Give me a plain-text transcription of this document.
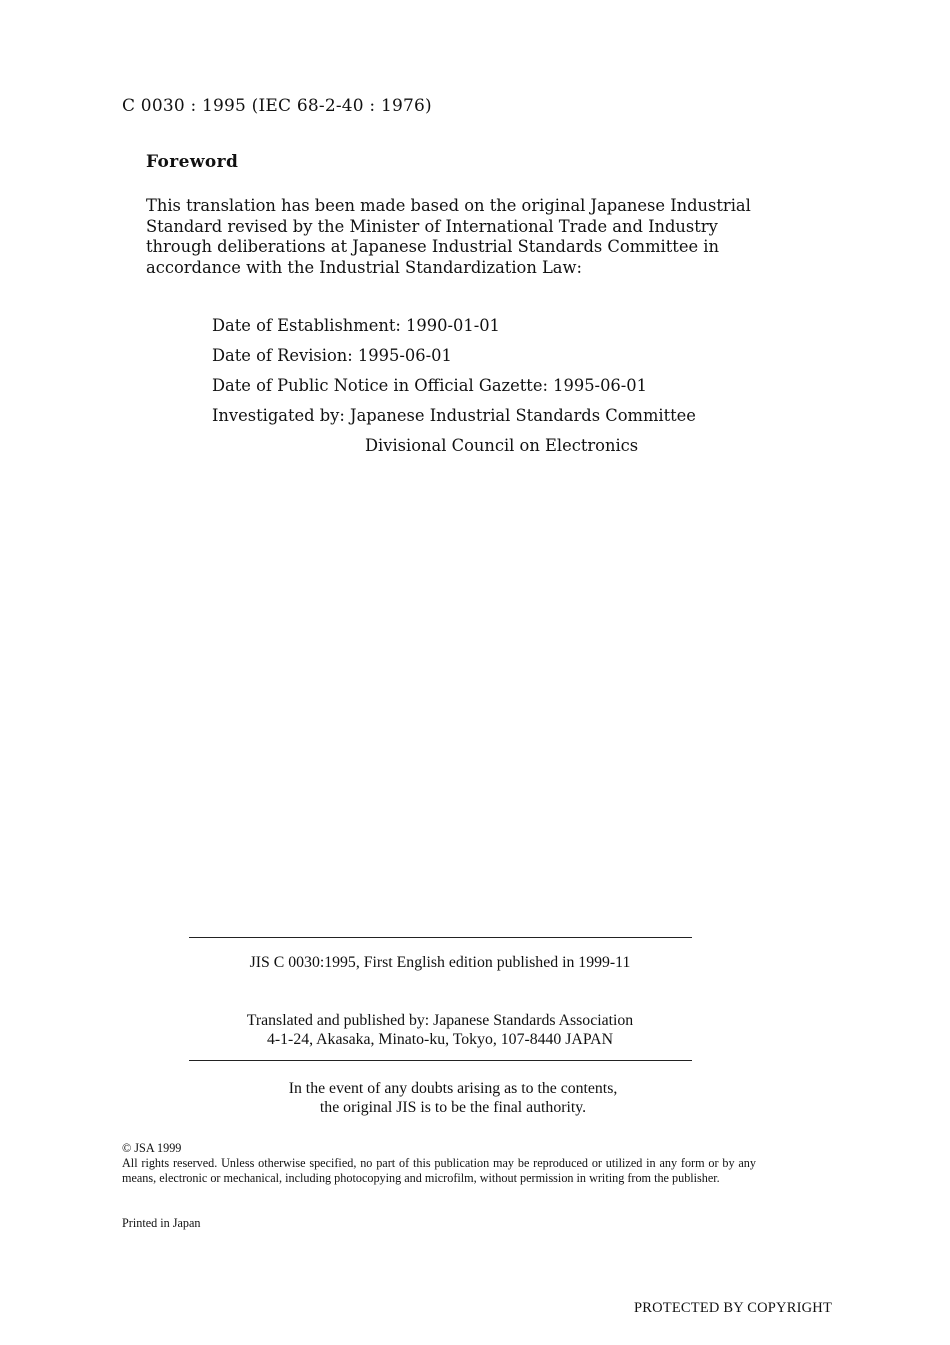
C 0030 : 1995 (IEC 68-2-40 : 1976)
Foreword

This translation has been made based on the original Japanese Industrial Standard revised by the Minister of International Trade and Industry through deliberations at Japanese Industrial Standards Committee in accordance with the Industrial Standardization Law:

Date of Establishment: 1990-01-01
Date of Revision: 1995-06-01
Date of Public Notice in Official Gazette: 1995-06-01
Investigated by: Japanese Industrial Standards Committee
Divisional Council on Electronics
JIS C 0030:1995, First English edition published in 1999-11
Translated and published by: Japanese Standards Association
4-1-24, Akasaka, Minato-ku, Tokyo, 107-8440 JAPAN
In the event of any doubts arising as to the contents,
the original JIS is to be the final authority.
© JSA 1999

All rights reserved. Unless otherwise specified, no part of this publication may be reproduced or utilized in any form or by any means, electronic or mechanical, including photocopying and microfilm, without permission in writing from the publisher.

Printed in Japan
PROTECTED BY COPYRIGHT
